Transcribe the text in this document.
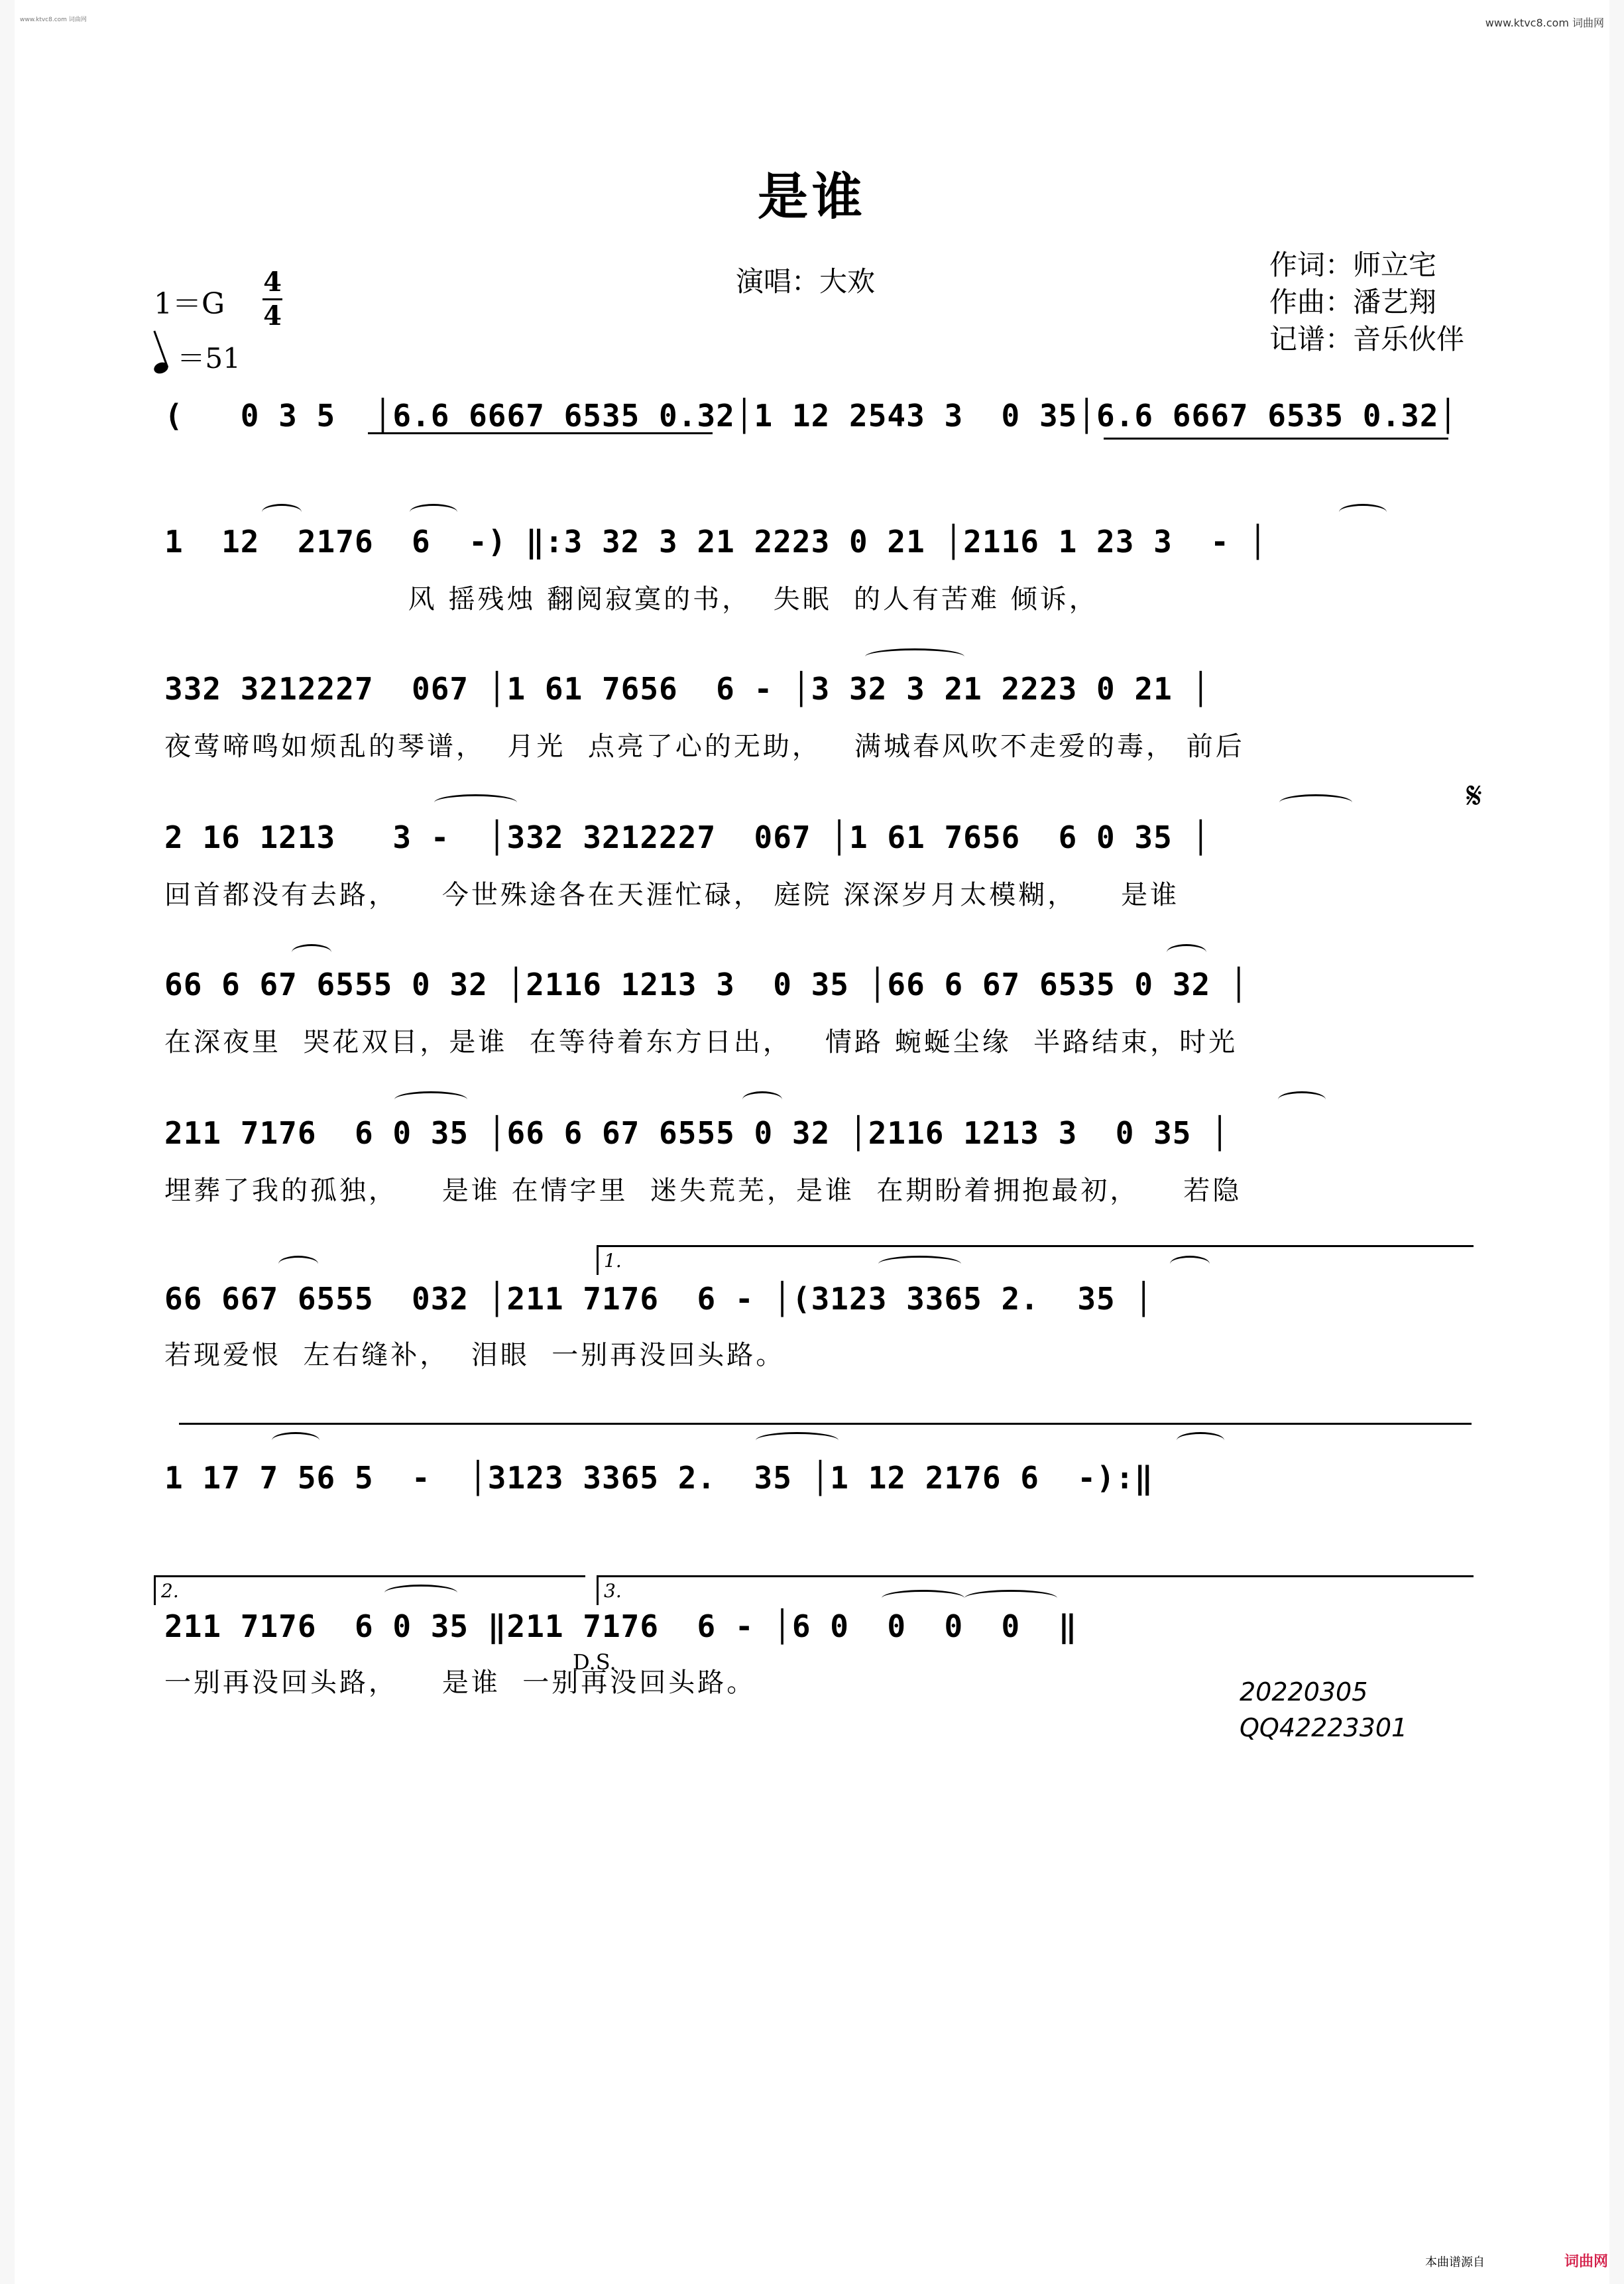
www.ktvc8.com 词曲网	www.ktvc8.com 词曲网
是谁
演唱：大欢
作词：师立宅
作曲：潘艺翔
记谱：音乐伙伴
1＝G
4
4
＝51
𝄋
(   0 3 5  │6.6 6667 6535 0.32│1 12 2543 3  0 35│6.6 6667 6535 0.32│
1  12  2176  6  -) ‖:3 32 3 21 2223 0 21 │2116 1 23 3  - │
风 摇残烛 翻阅寂寞的书，  失眠  的人有苦难 倾诉，
332 3212227  067 │1 61 7656  6 - │3 32 3 21 2223 0 21 │
夜莺啼鸣如烦乱的琴谱，  月光  点亮了心的无助，   满城春风吹不走爱的毒， 前后
2 16 1213   3 -  │332 3212227  067 │1 61 7656  6 0 35 │
回首都没有去路，    今世殊途各在天涯忙碌， 庭院 深深岁月太模糊，    是谁
66 6 67 6555 0 32 │2116 1213 3  0 35 │66 6 67 6535 0 32 │
在深夜里  哭花双目，是谁  在等待着东方日出，   情路 蜿蜒尘缘  半路结束，时光
211 7176  6 0 35 │66 6 67 6555 0 32 │2116 1213 3  0 35 │
埋葬了我的孤独，    是谁 在情字里  迷失荒芜，是谁  在期盼着拥抱最初，    若隐
1.
66 667 6555  032 │211 7176  6 - │(3123 3365 2.  35 │
若现爱恨  左右缝补，  泪眼  一别再没回头路。
1 17 7 56 5  -  │3123 3365 2.  35 │1 12 2176 6  -):‖
2.	3.
211 7176  6 0 35 ‖211 7176  6 - │6 0  0  0  0  ‖
一别再没回头路，    是谁  一别再没回头路。
D.S.
20220305
QQ42223301
本曲谱源自	词曲网
